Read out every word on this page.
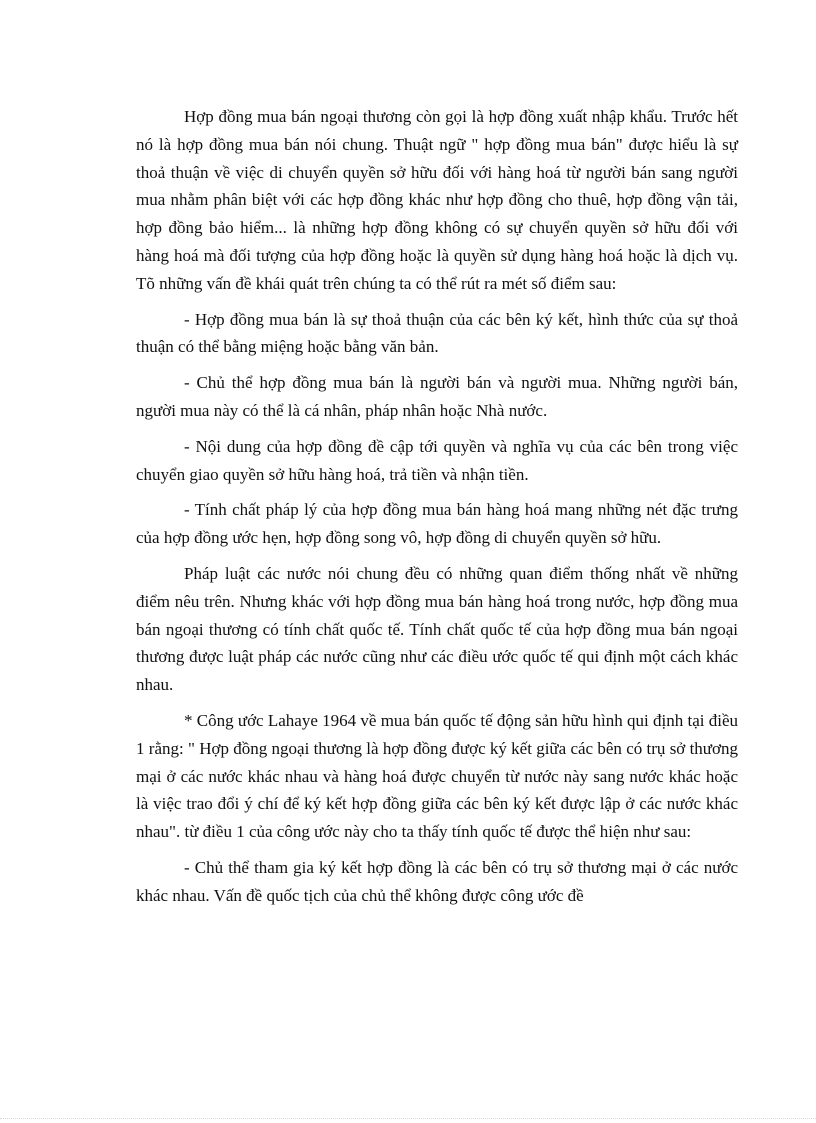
Hợp đồng mua bán ngoại thương còn gọi là hợp đồng xuất nhập khẩu. Trước hết nó là hợp đồng mua bán nói chung. Thuật ngữ " hợp đồng mua bán" được hiểu là sự thoả thuận về việc di chuyển quyền sở hữu đối với hàng hoá từ người bán sang người mua nhằm phân biệt với các hợp đồng khác như hợp đồng cho thuê, hợp đồng vận tải, hợp đồng bảo hiểm... là những hợp đồng không có sự chuyển quyền sở hữu đối với hàng hoá mà đối tượng của hợp đồng hoặc là quyền sử dụng hàng hoá hoặc là dịch vụ. Tõ những vấn đề khái quát trên chúng ta có thể rút ra mét số điểm sau:

- Hợp đồng mua bán là sự thoả thuận của các bên ký kết, hình thức của sự thoả thuận có thể bằng miệng hoặc bằng văn bản.

- Chủ thể hợp đồng mua bán là người bán và người mua. Những người bán, người mua này có thể là cá nhân, pháp nhân hoặc Nhà nước.

- Nội dung của hợp đồng đề cập tới quyền và nghĩa vụ của các bên trong việc chuyển giao quyền sở hữu hàng hoá, trả tiền và nhận tiền.

- Tính chất pháp lý của hợp đồng mua bán hàng hoá mang những nét đặc trưng của hợp đồng ước hẹn, hợp đồng song vô, hợp đồng di chuyển quyền sở hữu.

Pháp luật các nước nói chung đều có những quan điểm thống nhất về những điểm nêu trên. Nhưng khác với hợp đồng mua bán hàng hoá trong nước, hợp đồng mua bán ngoại thương có tính chất quốc tế. Tính chất quốc tế của hợp đồng mua bán ngoại thương được luật pháp các nước cũng như các điều ước quốc tế qui định một cách khác nhau.

* Công ước Lahaye 1964 về mua bán quốc tế động sản hữu hình qui định tại điều 1 rằng: " Hợp đồng ngoại thương là hợp đồng được ký kết giữa các bên có trụ sở thương mại ở các nước khác nhau và hàng hoá được chuyển từ nước này sang nước khác hoặc là việc trao đổi ý chí để ký kết hợp đồng giữa các bên ký kết được lập ở các nước khác nhau". từ điều 1 của công ước này cho ta thấy tính quốc tế được thể hiện như sau:

- Chủ thể tham gia ký kết hợp đồng là các bên có trụ sở thương mại ở các nước khác nhau. Vấn đề quốc tịch của chủ thể không được công ước đề
